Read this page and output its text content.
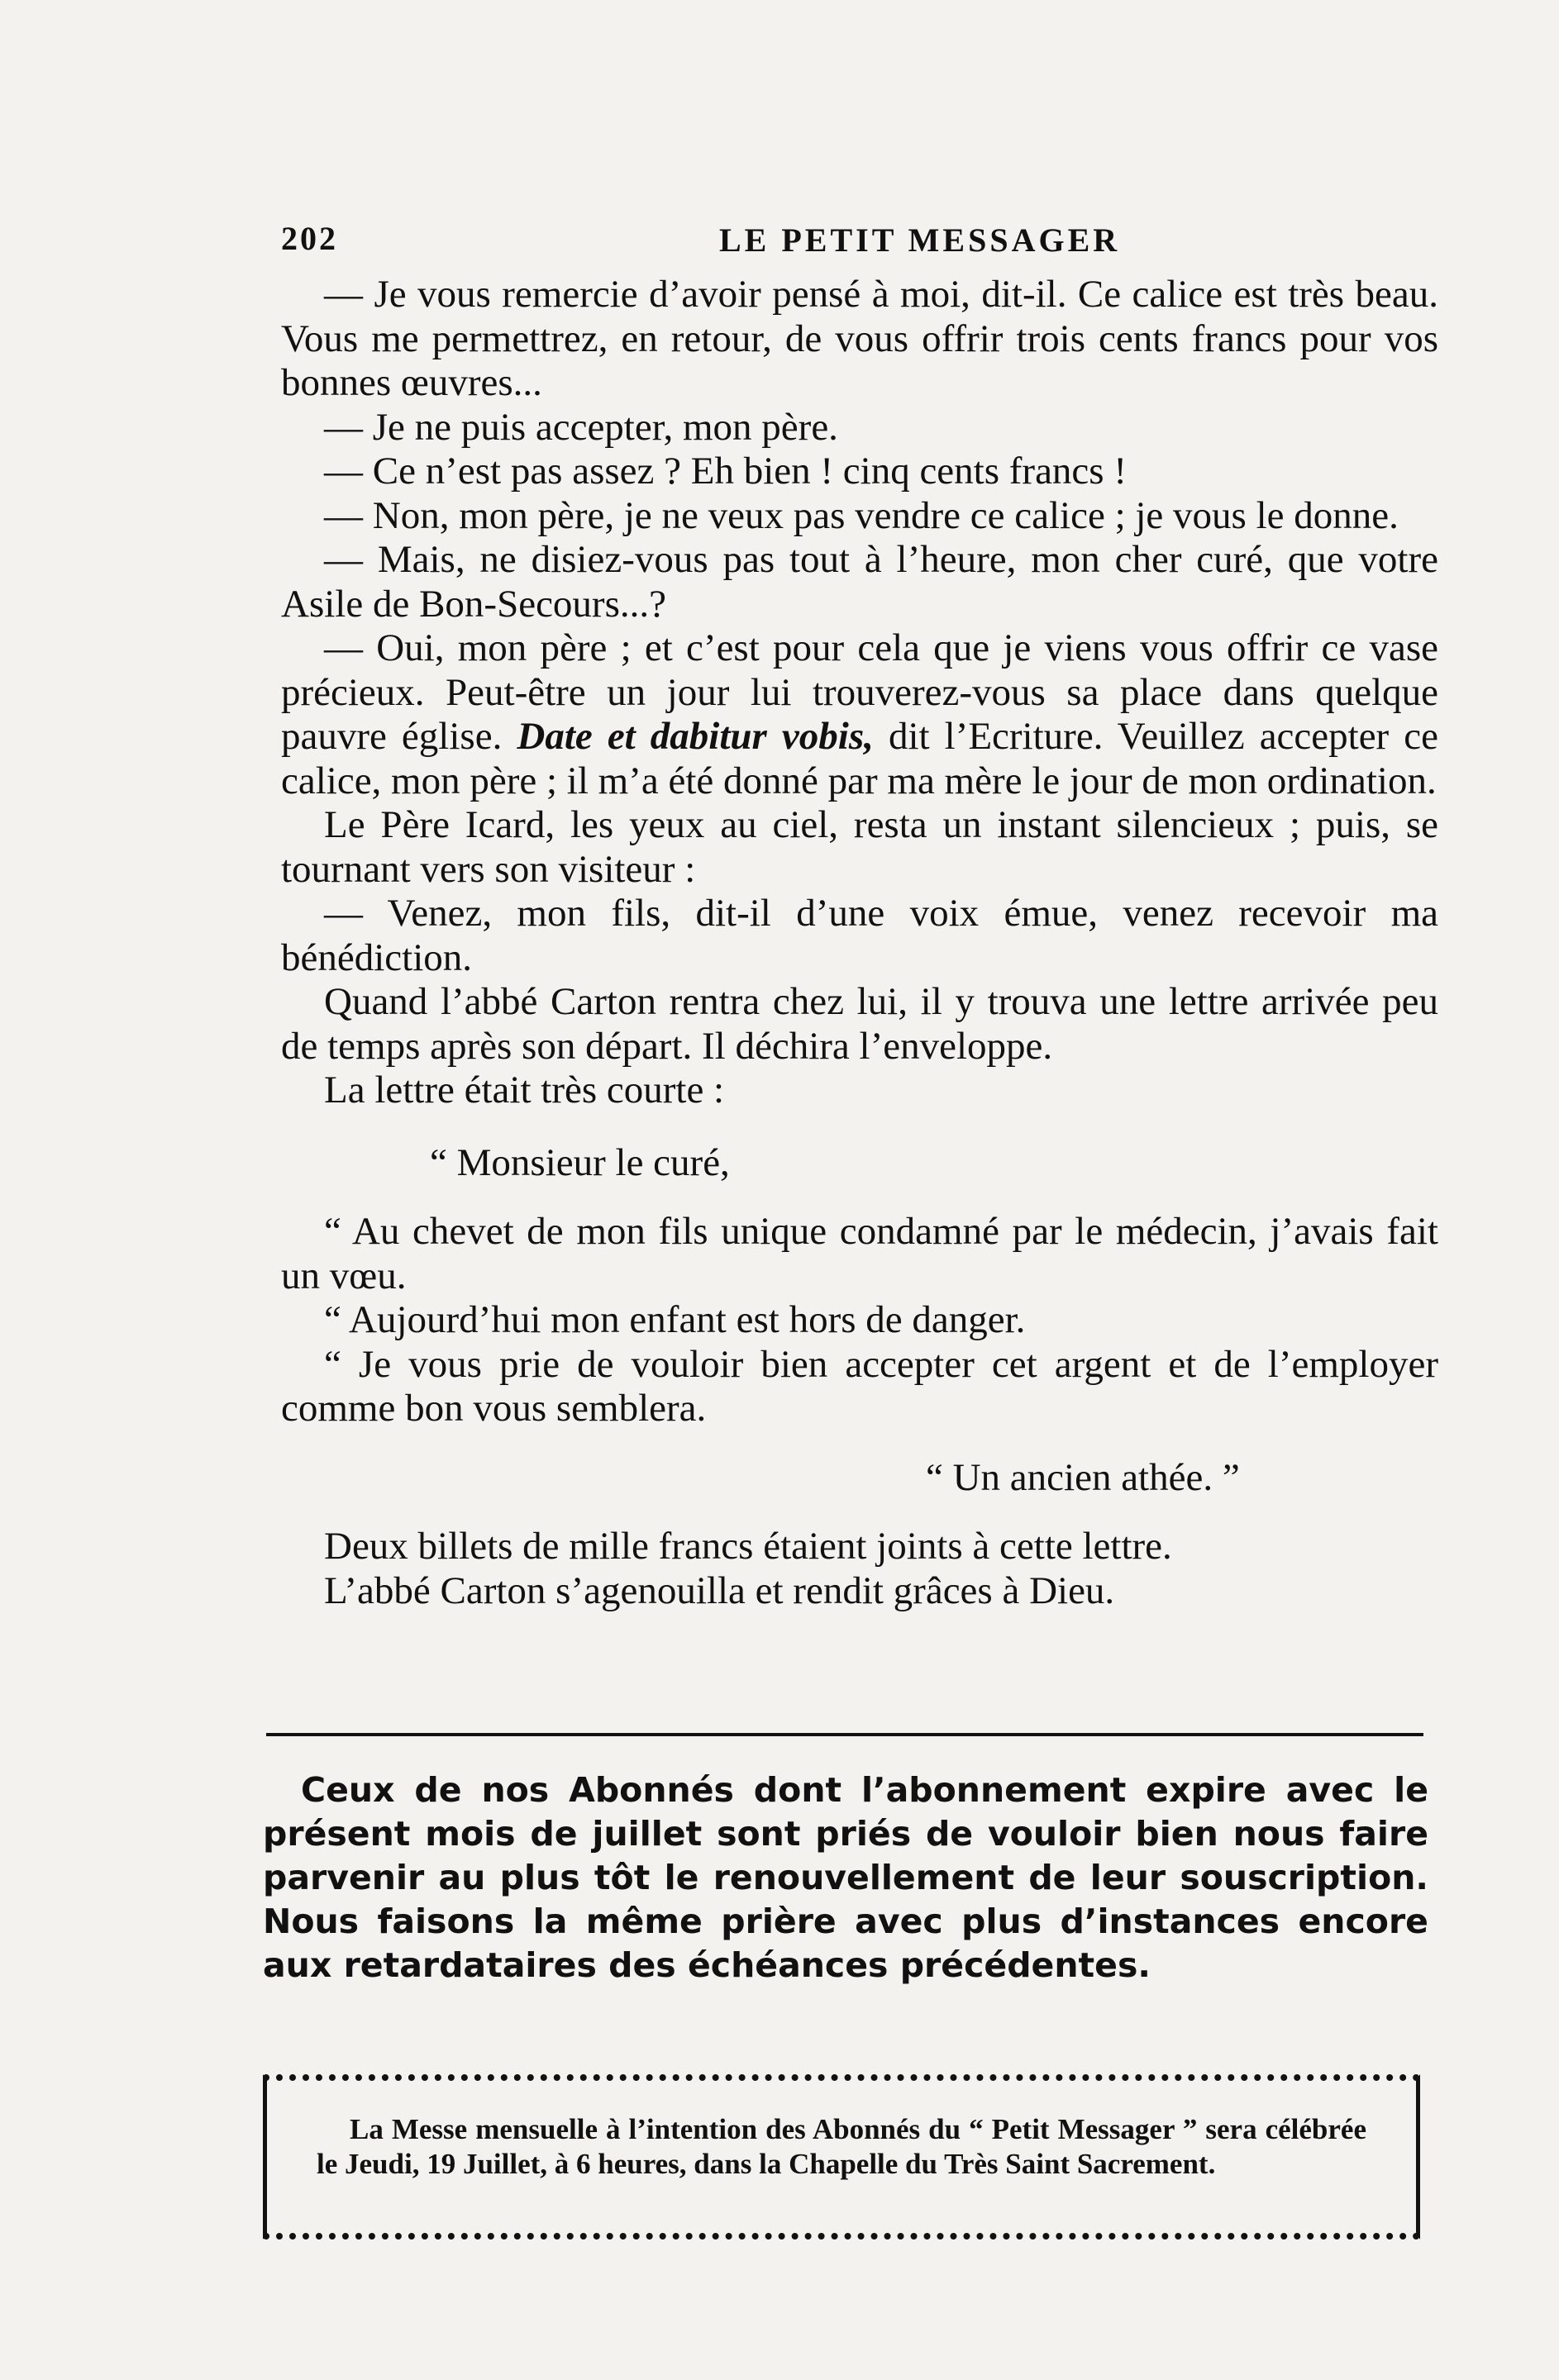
202	LE PETIT MESSAGER

— Je vous remercie d’avoir pensé à moi, dit-il. Ce calice est très beau. Vous me permettrez, en retour, de vous offrir trois cents francs pour vos bonnes œuvres...

— Je ne puis accepter, mon père.

— Ce n’est pas assez ? Eh bien ! cinq cents francs !

— Non, mon père, je ne veux pas vendre ce calice ; je vous le donne.

— Mais, ne disiez-vous pas tout à l’heure, mon cher curé, que votre Asile de Bon-Secours...?

— Oui, mon père ; et c’est pour cela que je viens vous offrir ce vase précieux. Peut-être un jour lui trouverez-vous sa place dans quelque pauvre église. Date et dabitur vobis, dit l’Ecriture. Veuillez accepter ce calice, mon père ; il m’a été donné par ma mère le jour de mon ordination.

Le Père Icard, les yeux au ciel, resta un instant silencieux ; puis, se tournant vers son visiteur :

— Venez, mon fils, dit-il d’une voix émue, venez recevoir ma bénédiction.

Quand l’abbé Carton rentra chez lui, il y trouva une lettre arrivée peu de temps après son départ. Il déchira l’enveloppe.

La lettre était très courte :

“ Monsieur le curé,

“ Au chevet de mon fils unique condamné par le médecin, j’avais fait un vœu.

“ Aujourd’hui mon enfant est hors de danger.

“ Je vous prie de vouloir bien accepter cet argent et de l’employer comme bon vous semblera.

“ Un ancien athée. ”

Deux billets de mille francs étaient joints à cette lettre.

L’abbé Carton s’agenouilla et rendit grâces à Dieu.

Ceux de nos Abonnés dont l’abonnement expire avec le présent mois de juillet sont priés de vouloir bien nous faire parvenir au plus tôt le renouvellement de leur souscription. Nous faisons la même prière avec plus d’instances encore aux retardataires des échéances précédentes.

La Messe mensuelle à l’intention des Abonnés du “ Petit Messager ” sera célébrée le Jeudi, 19 Juillet, à 6 heures, dans la Chapelle du Très Saint Sacrement.
